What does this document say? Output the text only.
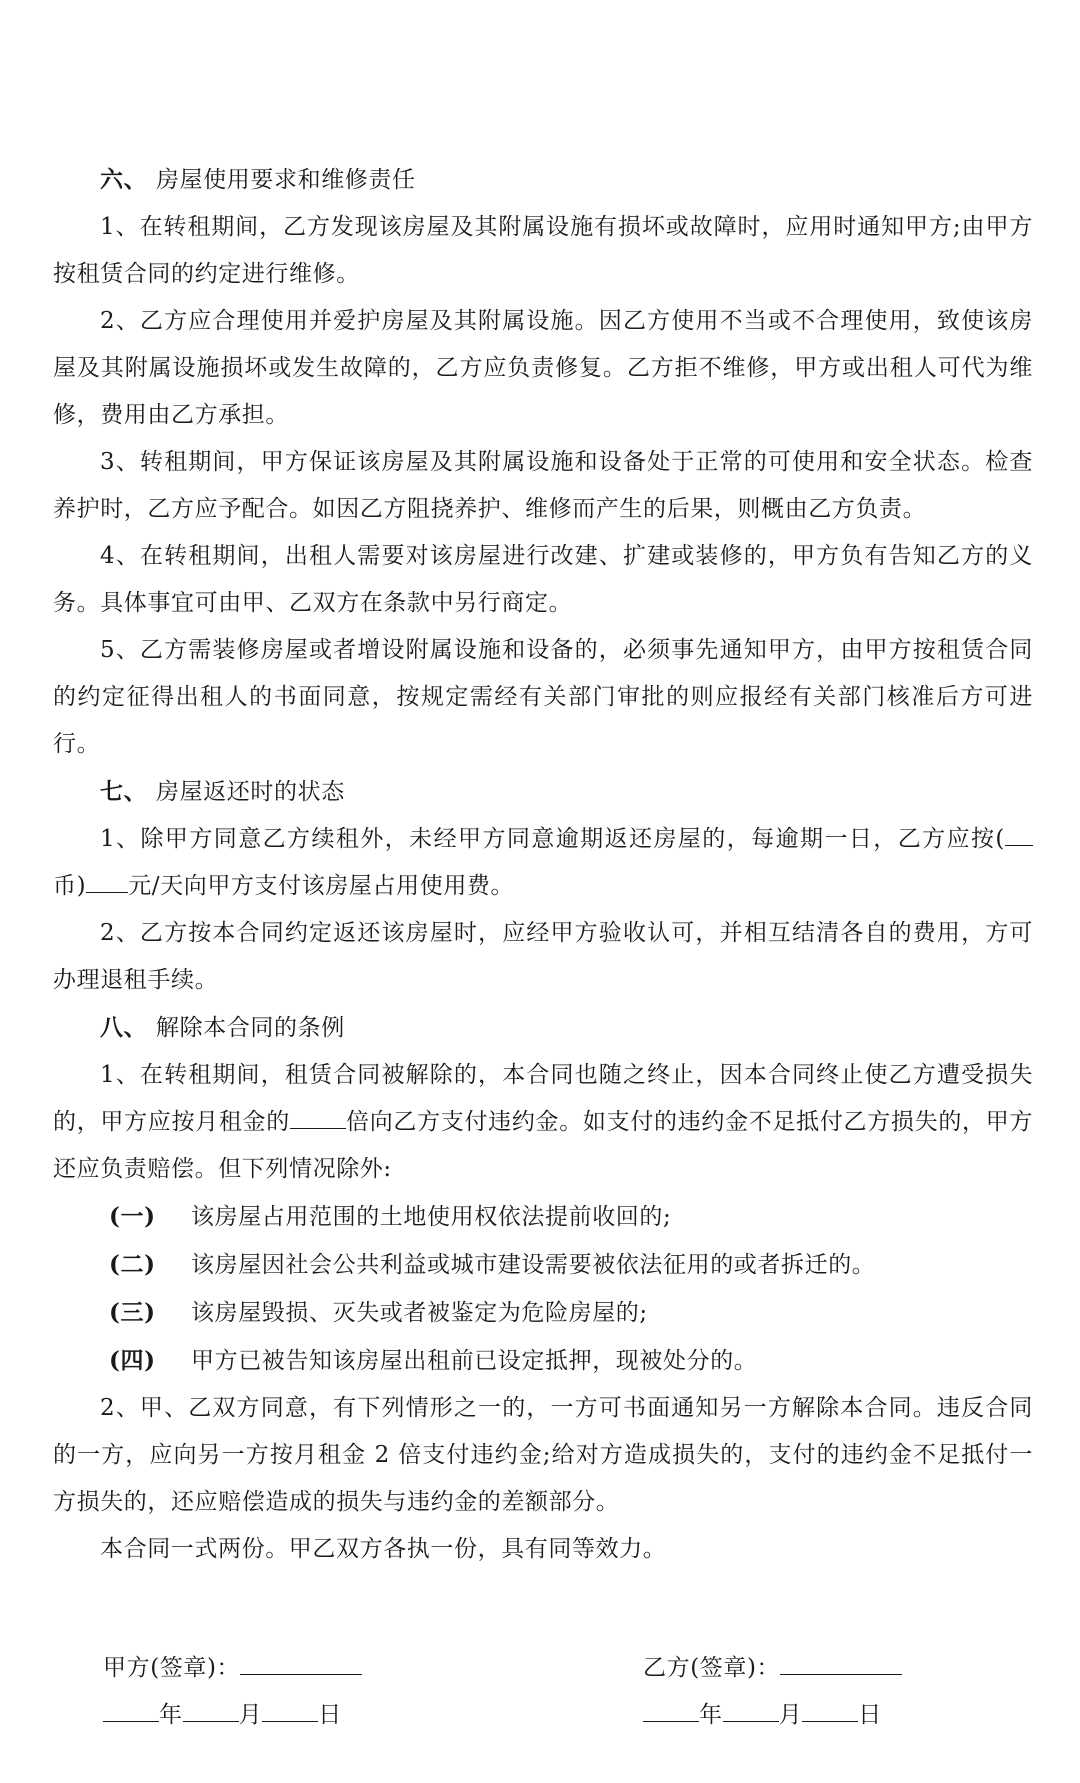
六、 房屋使用要求和维修责任

1、在转租期间，乙方发现该房屋及其附属设施有损坏或故障时，应用时通知甲方;由甲方按租赁合同的约定进行维修。

2、乙方应合理使用并爱护房屋及其附属设施。因乙方使用不当或不合理使用，致使该房屋及其附属设施损坏或发生故障的，乙方应负责修复。乙方拒不维修，甲方或出租人可代为维修，费用由乙方承担。

3、转租期间，甲方保证该房屋及其附属设施和设备处于正常的可使用和安全状态。检查养护时，乙方应予配合。如因乙方阻挠养护、维修而产生的后果，则概由乙方负责。

4、在转租期间，出租人需要对该房屋进行改建、扩建或装修的，甲方负有告知乙方的义务。具体事宜可由甲、乙双方在条款中另行商定。

5、乙方需装修房屋或者增设附属设施和设备的，必须事先通知甲方，由甲方按租赁合同的约定征得出租人的书面同意，按规定需经有关部门审批的则应报经有关部门核准后方可进行。

七、 房屋返还时的状态

1、除甲方同意乙方续租外，未经甲方同意逾期返还房屋的，每逾期一日，乙方应按(币) 元/天向甲方支付该房屋占用使用费。

2、乙方按本合同约定返还该房屋时，应经甲方验收认可，并相互结清各自的费用，方可办理退租手续。

八、 解除本合同的条例

1、在转租期间，租赁合同被解除的，本合同也随之终止，因本合同终止使乙方遭受损失的，甲方应按月租金的 倍向乙方支付违约金。如支付的违约金不足抵付乙方损失的，甲方还应负责赔偿。但下列情况除外:

(一) 该房屋占用范围的土地使用权依法提前收回的;

(二) 该房屋因社会公共利益或城市建设需要被依法征用的或者拆迁的。

(三) 该房屋毁损、灭失或者被鉴定为危险房屋的;

(四) 甲方已被告知该房屋出租前已设定抵押，现被处分的。

2、甲、乙双方同意，有下列情形之一的，一方可书面通知另一方解除本合同。违反合同的一方，应向另一方按月租金 2 倍支付违约金;给对方造成损失的，支付的违约金不足抵付一方损失的，还应赔偿造成的损失与违约金的差额部分。

本合同一式两份。甲乙双方各执一份，具有同等效力。

甲方(签章)：
年 月 日
乙方(签章)：
年 月 日
